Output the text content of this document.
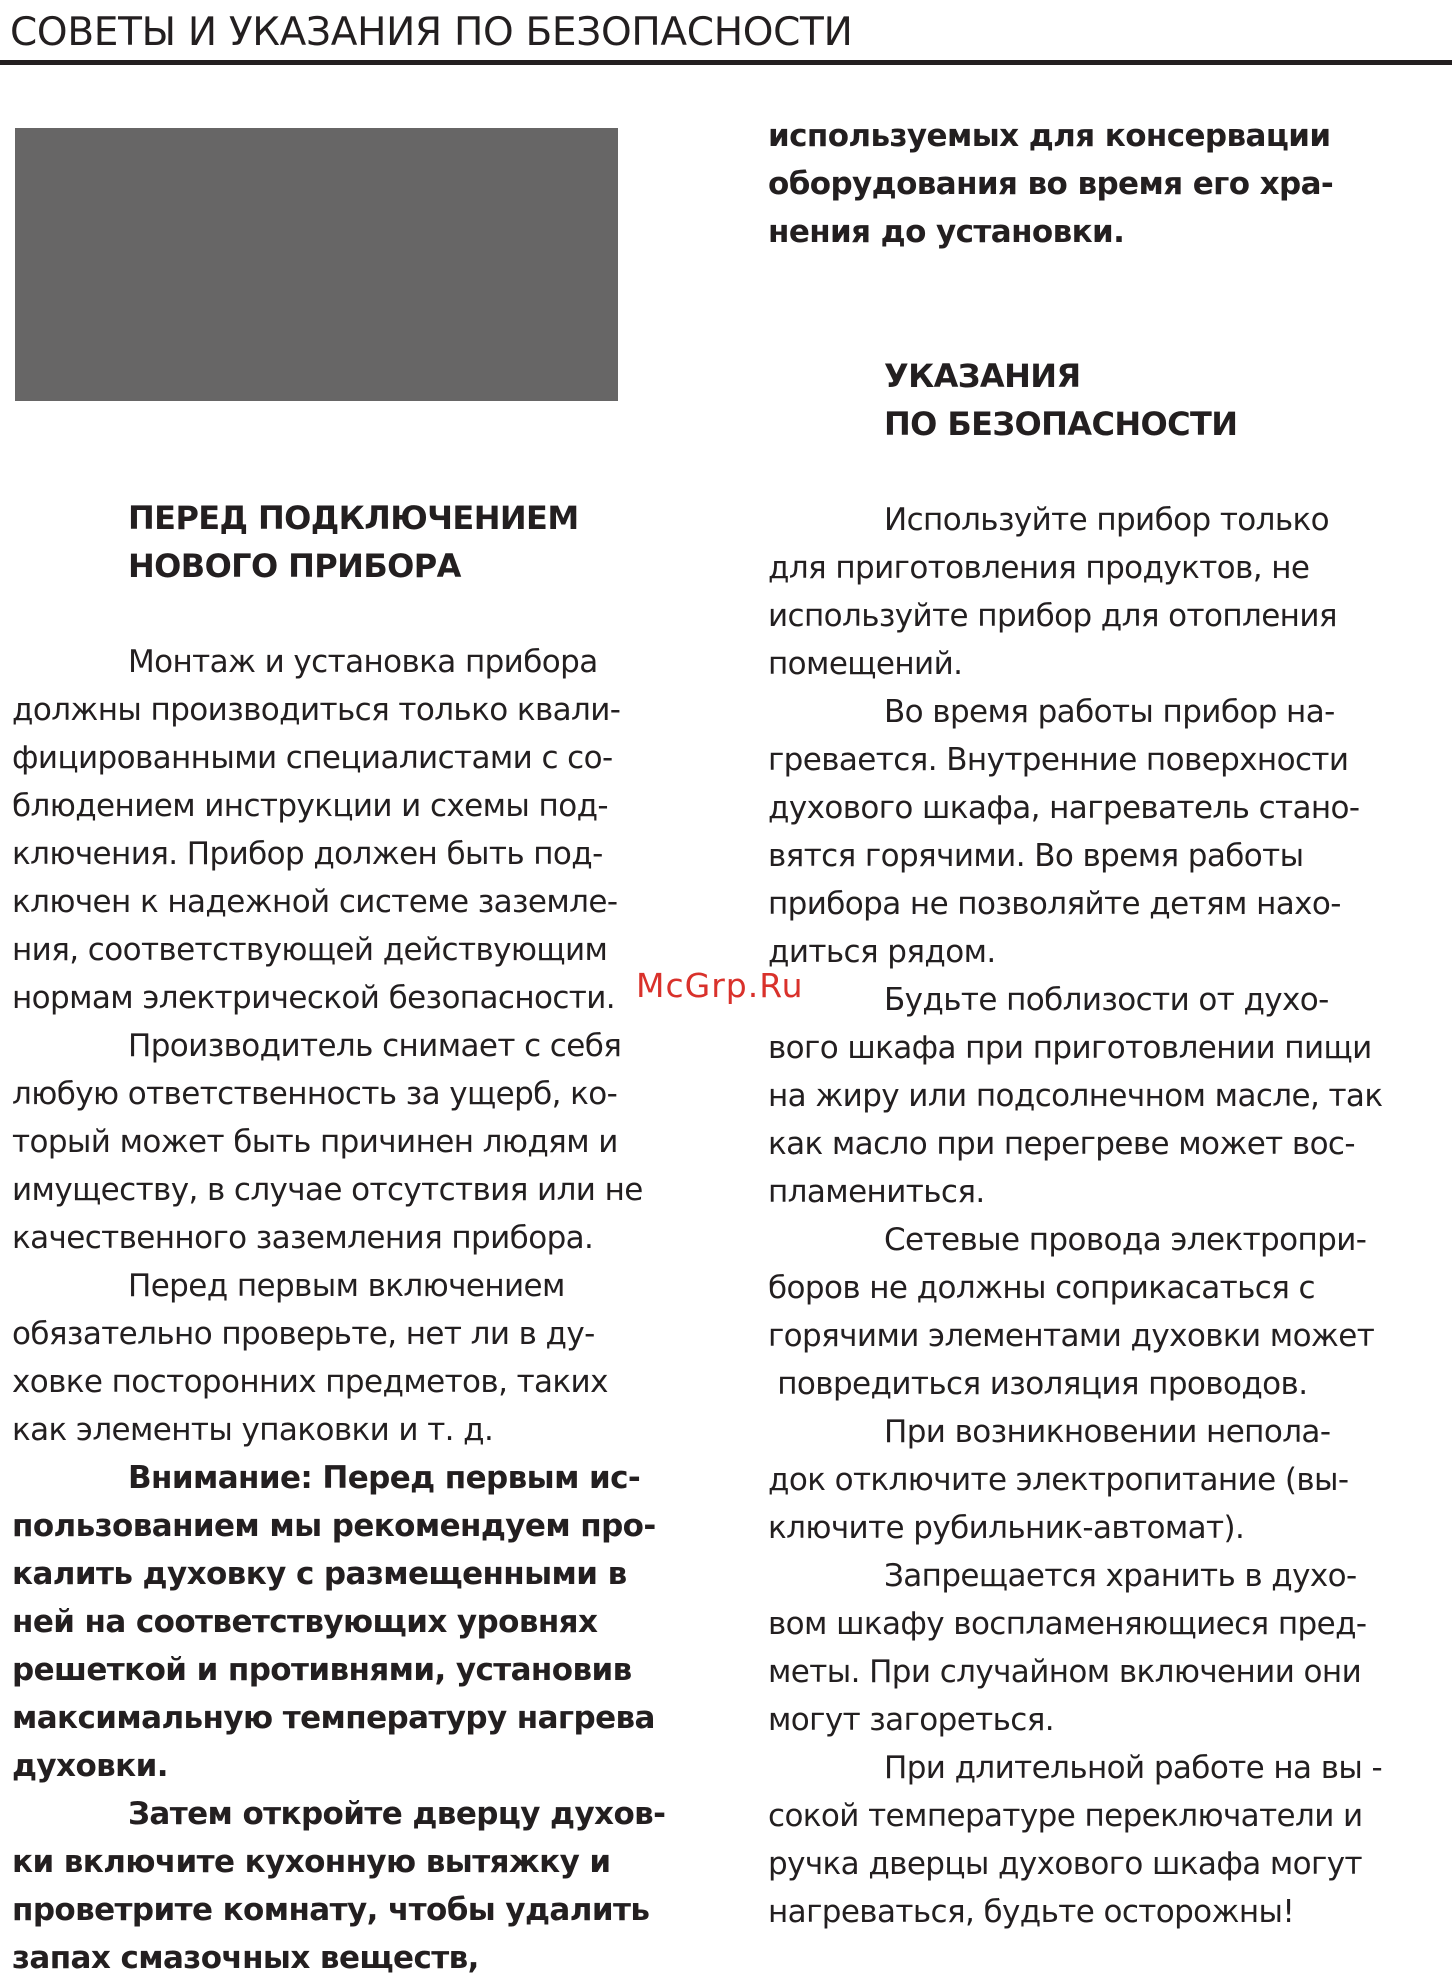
СОВЕТЫ И УКАЗАНИЯ ПО БЕЗОПАСНОСТИ
ПЕРЕД ПОДКЛЮЧЕНИЕМ
НОВОГО ПРИБОРА
Монтаж и установка прибора
должны производиться только квали-
фицированными специалистами с со-
блюдением инструкции и схемы под-
ключения. Прибор должен быть под-
ключен к надежной системе заземле-
ния, соответствующей действующим
нормам электрической безопасности.
Производитель снимает с себя
любую ответственность за ущерб, ко-
торый может быть причинен людям и
имуществу, в случае отсутствия или не
качественного заземления прибора.
Перед первым включением
обязательно проверьте, нет ли в ду-
ховке посторонних предметов, таких
как элементы упаковки и т. д.
Внимание: Перед первым ис-
пользованием мы рекомендуем про-
калить духовку с размещенными в
ней на соответствующих уровнях
решеткой и противнями, установив
максимальную температуру нагрева
духовки.
Затем откройте дверцу духов-
ки включите кухонную вытяжку и
проветрите комнату, чтобы удалить
запах смазочных веществ,
используемых для консервации
оборудования во время его хра-
нения до установки.
УКАЗАНИЯ
ПО БЕЗОПАСНОСТИ
Используйте прибор только
для приготовления продуктов, не
используйте прибор для отопления
помещений.
Во время работы прибор на-
гревается. Внутренние поверхности
духового шкафа, нагреватель стано-
вятся горячими. Во время работы
прибора не позволяйте детям нахо-
диться рядом.
Будьте поблизости от духо-
вого шкафа при приготовлении пищи
на жиру или подсолнечном масле, так
как масло при перегреве может вос-
пламениться.
Сетевые провода электропри-
боров не должны соприкасаться с
горячими элементами духовки может
повредиться изоляция проводов.
При возникновении непола-
док отключите электропитание (вы-
ключите рубильник-автомат).
Запрещается хранить в духо-
вом шкафу воспламеняющиеся пред-
меты. При случайном включении они
могут загореться.
При длительной работе на вы -
сокой температуре переключатели и
ручка дверцы духового шкафа могут
нагреваться, будьте осторожны!
McGrp.Ru
